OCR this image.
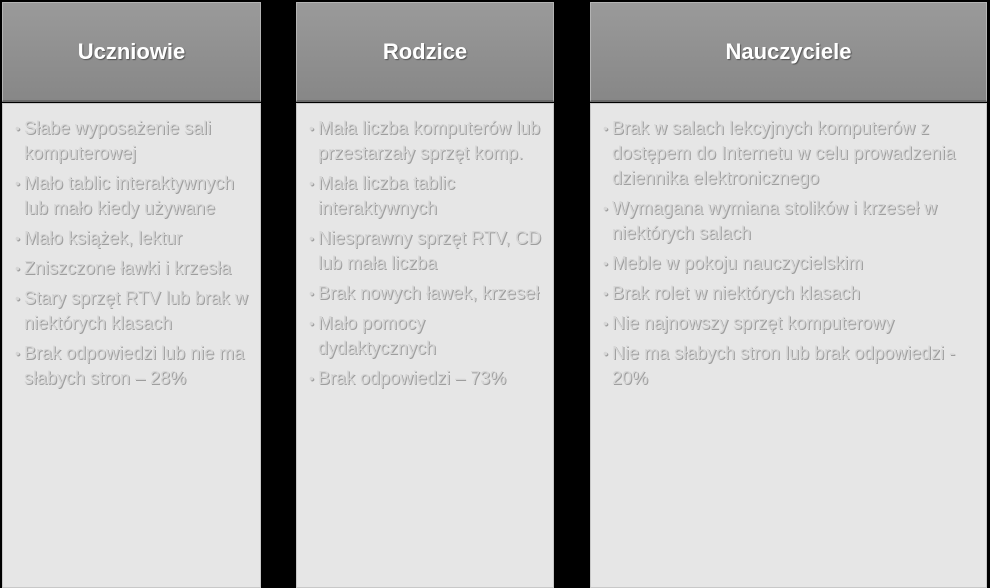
Uczniowie
• Słabe wyposażenie sali komputerowej
• Mało tablic interaktywnych lub mało kiedy używane
• Mało książek, lektur
• Zniszczone ławki i krzesła
• Stary sprzęt RTV lub brak w niektórych klasach
• Brak odpowiedzi lub nie ma słabych stron – 28%
Rodzice
• Mała liczba komputerów lub przestarzały sprzęt komp.
• Mała liczba tablic interaktywnych
• Niesprawny sprzęt RTV, CD lub mała liczba
• Brak nowych ławek, krzeseł
• Mało pomocy dydaktycznych
• Brak odpowiedzi – 73%
Nauczyciele
• Brak w salach lekcyjnych komputerów z dostępem do Internetu w celu prowadzenia dziennika elektronicznego
• Wymagana wymiana stolików i krzeseł w niektórych salach
• Meble w pokoju nauczycielskim
• Brak rolet w niektórych klasach
• Nie najnowszy sprzęt komputerowy
• Nie ma słabych stron lub brak odpowiedzi - 20%
